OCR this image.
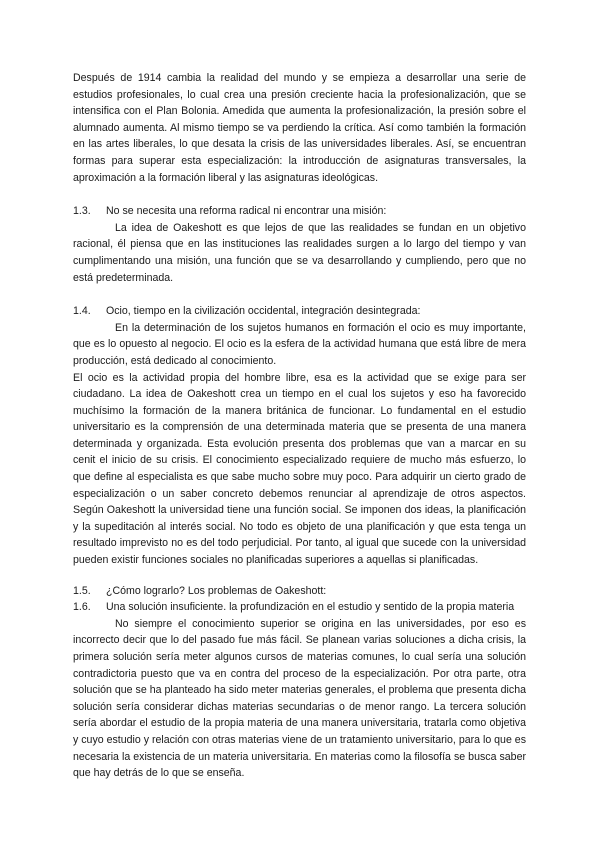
Después de 1914 cambia la realidad del mundo y se empieza a desarrollar una serie de estudios profesionales, lo cual crea una presión creciente hacia la profesionalización, que se intensifica con el Plan Bolonia. Amedida que aumenta la profesionalización, la presión sobre el alumnado aumenta. Al mismo tiempo se va perdiendo la crítica. Así como también la formación en las artes liberales, lo que desata la crisis de las universidades liberales. Así, se encuentran formas para superar esta especialización: la introducción de asignaturas transversales, la aproximación a la formación liberal y las asignaturas ideológicas.

1.3.	No se necesita una reforma radical ni encontrar una misión:

La idea de Oakeshott es que lejos de que las realidades se fundan en un objetivo racional, él piensa que en las instituciones las realidades surgen a lo largo del tiempo y van cumplimentando una misión, una función que se va desarrollando y cumpliendo, pero que no está predeterminada.

1.4.	Ocio, tiempo en la civilización occidental, integración desintegrada:

En la determinación de los sujetos humanos en formación el ocio es muy importante, que es lo opuesto al negocio. El ocio es la esfera de la actividad humana que está libre de mera producción, está dedicado al conocimiento.

El ocio es la actividad propia del hombre libre, esa es la actividad que se exige para ser ciudadano. La idea de Oakeshott crea un tiempo en el cual los sujetos y eso ha favorecido muchísimo la formación de la manera británica de funcionar. Lo fundamental en el estudio universitario es la comprensión de una determinada materia que se presenta de una manera determinada y organizada. Esta evolución presenta dos problemas que van a marcar en su cenit el inicio de su crisis. El conocimiento especializado requiere de mucho más esfuerzo, lo que define al especialista es que sabe mucho sobre muy poco. Para adquirir un cierto grado de especialización o un saber concreto debemos renunciar al aprendizaje de otros aspectos. Según Oakeshott la universidad tiene una función social. Se imponen dos ideas, la planificación y la supeditación al interés social. No todo es objeto de una planificación y que esta tenga un resultado imprevisto no es del todo perjudicial. Por tanto, al igual que sucede con la universidad pueden existir funciones sociales no planificadas superiores a aquellas si planificadas.

1.5.	¿Cómo lograrlo? Los problemas de Oakeshott:
1.6.	Una solución insuficiente. la profundización en el estudio y sentido de la propia materia

No siempre el conocimiento superior se origina en las universidades, por eso es incorrecto decir que lo del pasado fue más fácil. Se planean varias soluciones a dicha crisis, la primera solución sería meter algunos cursos de materias comunes, lo cual sería una solución contradictoria puesto que va en contra del proceso de la especialización. Por otra parte, otra solución que se ha planteado ha sido meter materias generales, el problema que presenta dicha solución sería considerar dichas materias secundarias o de menor rango. La tercera solución sería abordar el estudio de la propia materia de una manera universitaria, tratarla como objetiva y cuyo estudio y relación con otras materias viene de un tratamiento universitario, para lo que es necesaria la existencia de un materia universitaria. En materias como la filosofía se busca saber que hay detrás de lo que se enseña.
